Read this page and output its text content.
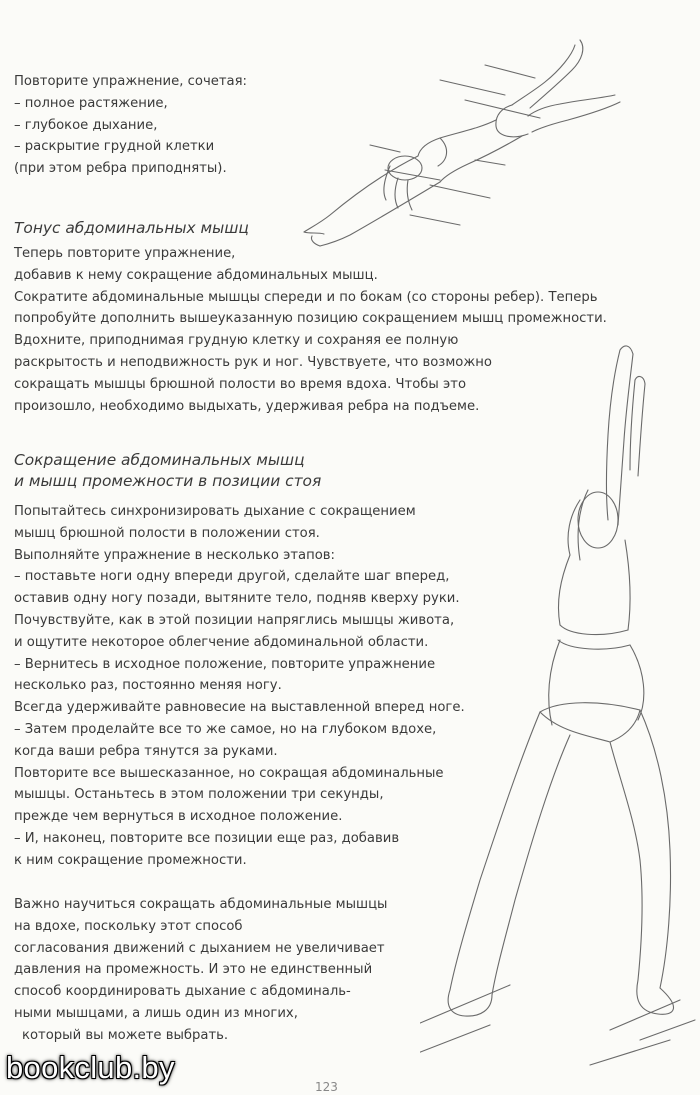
Повторите упражнение, сочетая:
– полное растяжение,
– глубокое дыхание,
– раскрытие грудной клетки
(при этом ребра приподняты).
Тонус абдоминальных мышц
Теперь повторите упражнение,
добавив к нему сокращение абдоминальных мышц.
Сократите абдоминальные мышцы спереди и по бокам (со стороны ребер). Теперь
попробуйте дополнить вышеуказанную позицию сокращением мышц промежности.
Вдохните, приподнимая грудную клетку и сохраняя ее полную
раскрытость и неподвижность рук и ног. Чувствуете, что возможно
сокращать мышцы брюшной полости во время вдоха. Чтобы это
произошло, необходимо выдыхать, удерживая ребра на подъеме.
Сокращение абдоминальных мышц
и мышц промежности в позиции стоя
Попытайтесь синхронизировать дыхание с сокращением
мышц брюшной полости в положении стоя.
Выполняйте упражнение в несколько этапов:
– поставьте ноги одну впереди другой, сделайте шаг вперед,
оставив одну ногу позади, вытяните тело, подняв кверху руки.
Почувствуйте, как в этой позиции напряглись мышцы живота,
и ощутите некоторое облегчение абдоминальной области.
– Вернитесь в исходное положение, повторите упражнение
несколько раз, постоянно меняя ногу.
Всегда удерживайте равновесие на выставленной вперед ноге.
– Затем проделайте все то же самое, но на глубоком вдохе,
когда ваши ребра тянутся за руками.
Повторите все вышесказанное, но сокращая абдоминальные
мышцы. Останьтесь в этом положении три секунды,
прежде чем вернуться в исходное положение.
– И, наконец, повторите все позиции еще раз, добавив
к ним сокращение промежности.
Важно научиться сокращать абдоминальные мышцы
на вдохе, поскольку этот способ
согласования движений с дыханием не увеличивает
давления на промежность. И это не единственный
способ координировать дыхание с абдоминаль-
ными мышцами, а лишь один из многих,
который вы можете выбрать.
123
bookclub.by
